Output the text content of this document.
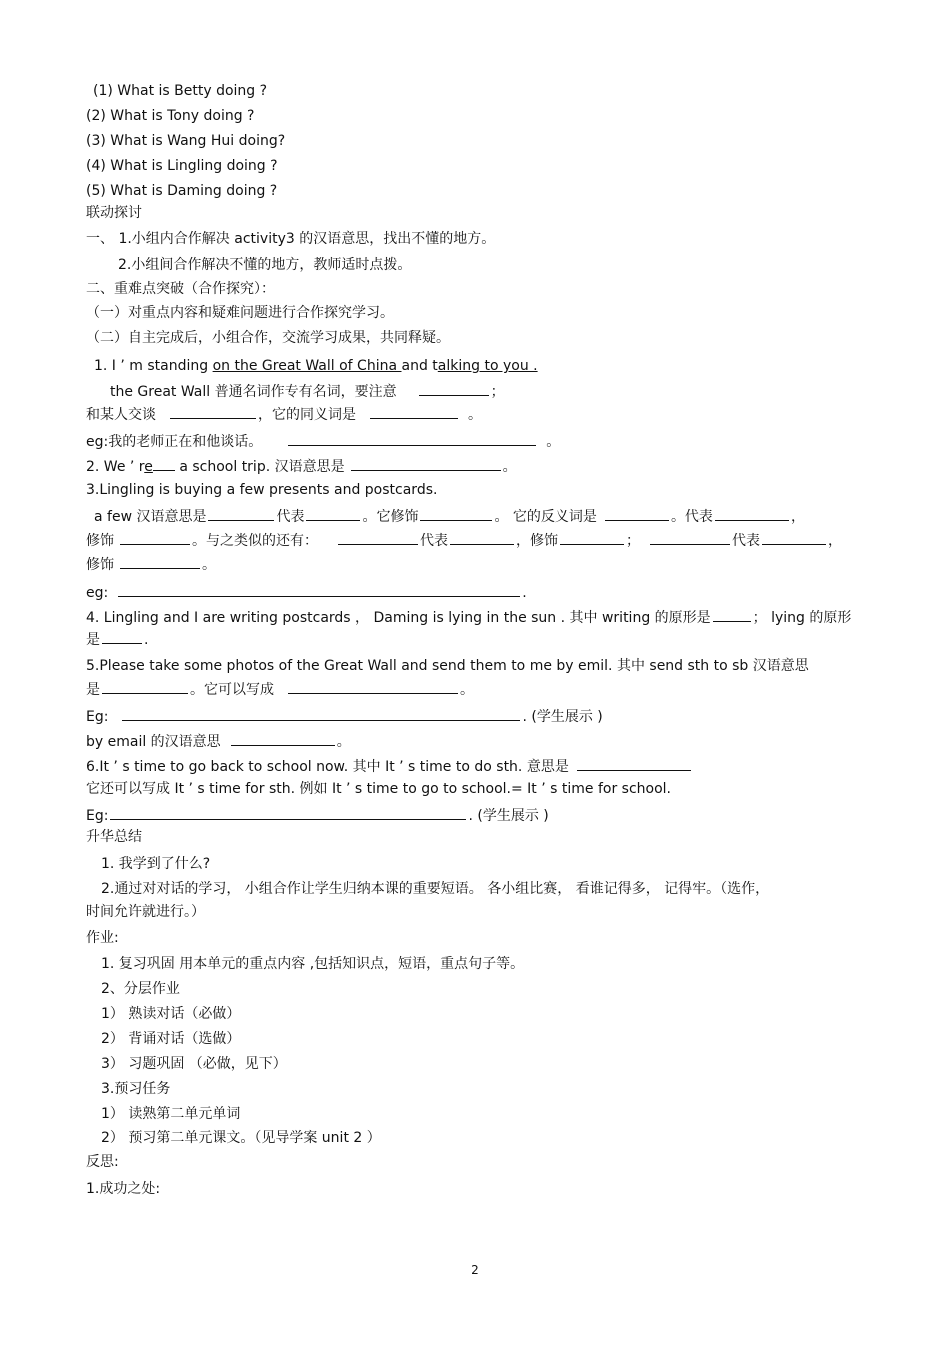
(1) What is Betty doing ?
(2) What is Tony doing ?
(3) What is Wang Hui doing?
(4) What is Lingling doing ?
(5) What is Daming doing ?
联动探讨
一、 1.小组内合作解决 activity3 的汉语意思，找出不懂的地方。
2.小组间合作解决不懂的地方，教师适时点拨。
二、重难点突破（合作探究）：
（一）对重点内容和疑难问题进行合作探究学习。
（二）自主完成后，小组合作，交流学习成果，共同释疑。
1. I ’ m standing on the Great Wall of China and talking to you .
the Great Wall 普通名词作专有名词，要注意	；
和某人交谈	，它的同义词是	。
eg:我的老师正在和他谈话。	。
2. We ’ re a school trip. 汉语意思是	。
3.Lingling is buying a few presents and postcards.
a few 汉语意思是	代表	。它修饰	。 它的反义词是	。代表	，
修饰	。与之类似的还有：	代表	，修饰	；	代表	，
修饰	。
eg:	.
4. Lingling and I are writing postcards ， Daming is lying in the sun . 其中 writing 的原形是	； lying 的原形
是	.
5.Please take some photos of the Great Wall and send them to me by emil. 其中 send sth to sb 汉语意思
是	。它可以写成	。
Eg:	. (学生展示 )
by email 的汉语意思	。
6.It ’ s time to go back to school now. 其中 It ’ s time to do sth. 意思是
它还可以写成 It ’ s time for sth. 例如 It ’ s time to go to school.= It ’ s time for school.
Eg:	. (学生展示 )
升华总结
1. 我学到了什么?
2.通过对对话的学习， 小组合作让学生归纳本课的重要短语。 各小组比赛， 看谁记得多， 记得牢。（选作，
时间允许就进行。）
作业:
1. 复习巩固 用本单元的重点内容 ,包括知识点，短语，重点句子等。
2、分层作业
1） 熟读对话（必做）
2） 背诵对话（选做）
3） 习题巩固 （必做，见下）
3.预习任务
1） 读熟第二单元单词
2） 预习第二单元课文。（见导学案 unit 2 ）
反思:
1.成功之处:
2
